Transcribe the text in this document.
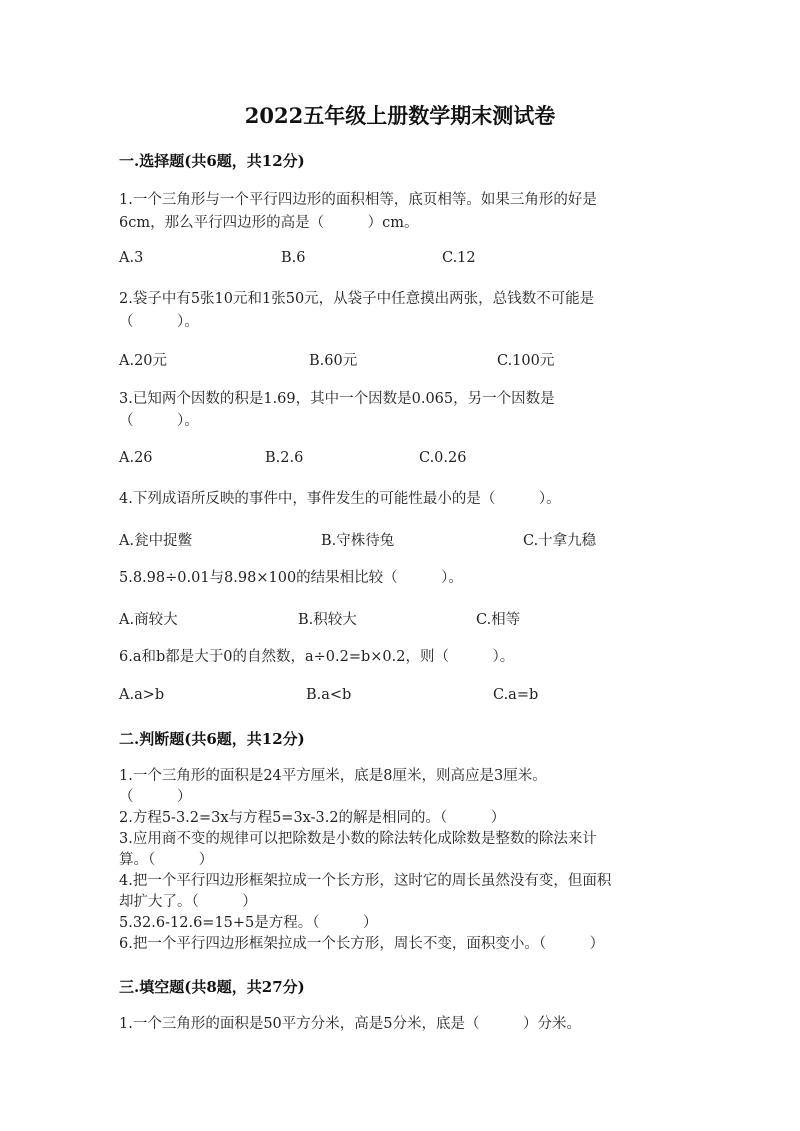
2022五年级上册数学期末测试卷
一.选择题(共6题，共12分)
1.一个三角形与一个平行四边形的面积相等，底页相等。如果三角形的好是
6cm，那么平行四边形的高是（　　　）cm。
A.3	B.6	C.12
2.袋子中有5张10元和1张50元，从袋子中任意摸出两张，总钱数不可能是
（　　　）。
A.20元	B.60元	C.100元
3.已知两个因数的积是1.69，其中一个因数是0.065，另一个因数是
（　　　）。
A.26	B.2.6	C.0.26
4.下列成语所反映的事件中，事件发生的可能性最小的是（　　　）。
A.瓮中捉鳖	B.守株待兔	C.十拿九稳
5.8.98÷0.01与8.98×100的结果相比较（　　　）。
A.商较大	B.积较大	C.相等
6.a和b都是大于0的自然数，a÷0.2=b×0.2，则（　　　）。
A.a>b	B.a<b	C.a=b
二.判断题(共6题，共12分)
1.一个三角形的面积是24平方厘米，底是8厘米，则高应是3厘米。
（　　　）
2.方程5-3.2=3x与方程5=3x-3.2的解是相同的。（　　　）
3.应用商不变的规律可以把除数是小数的除法转化成除数是整数的除法来计
算。（　　　）
4.把一个平行四边形框架拉成一个长方形，这时它的周长虽然没有变，但面积
却扩大了。（　　　）
5.32.6-12.6=15+5是方程。（　　　）
6.把一个平行四边形框架拉成一个长方形，周长不变，面积变小。（　　　）
三.填空题(共8题，共27分)
1.一个三角形的面积是50平方分米，高是5分米，底是（　　　）分米。
